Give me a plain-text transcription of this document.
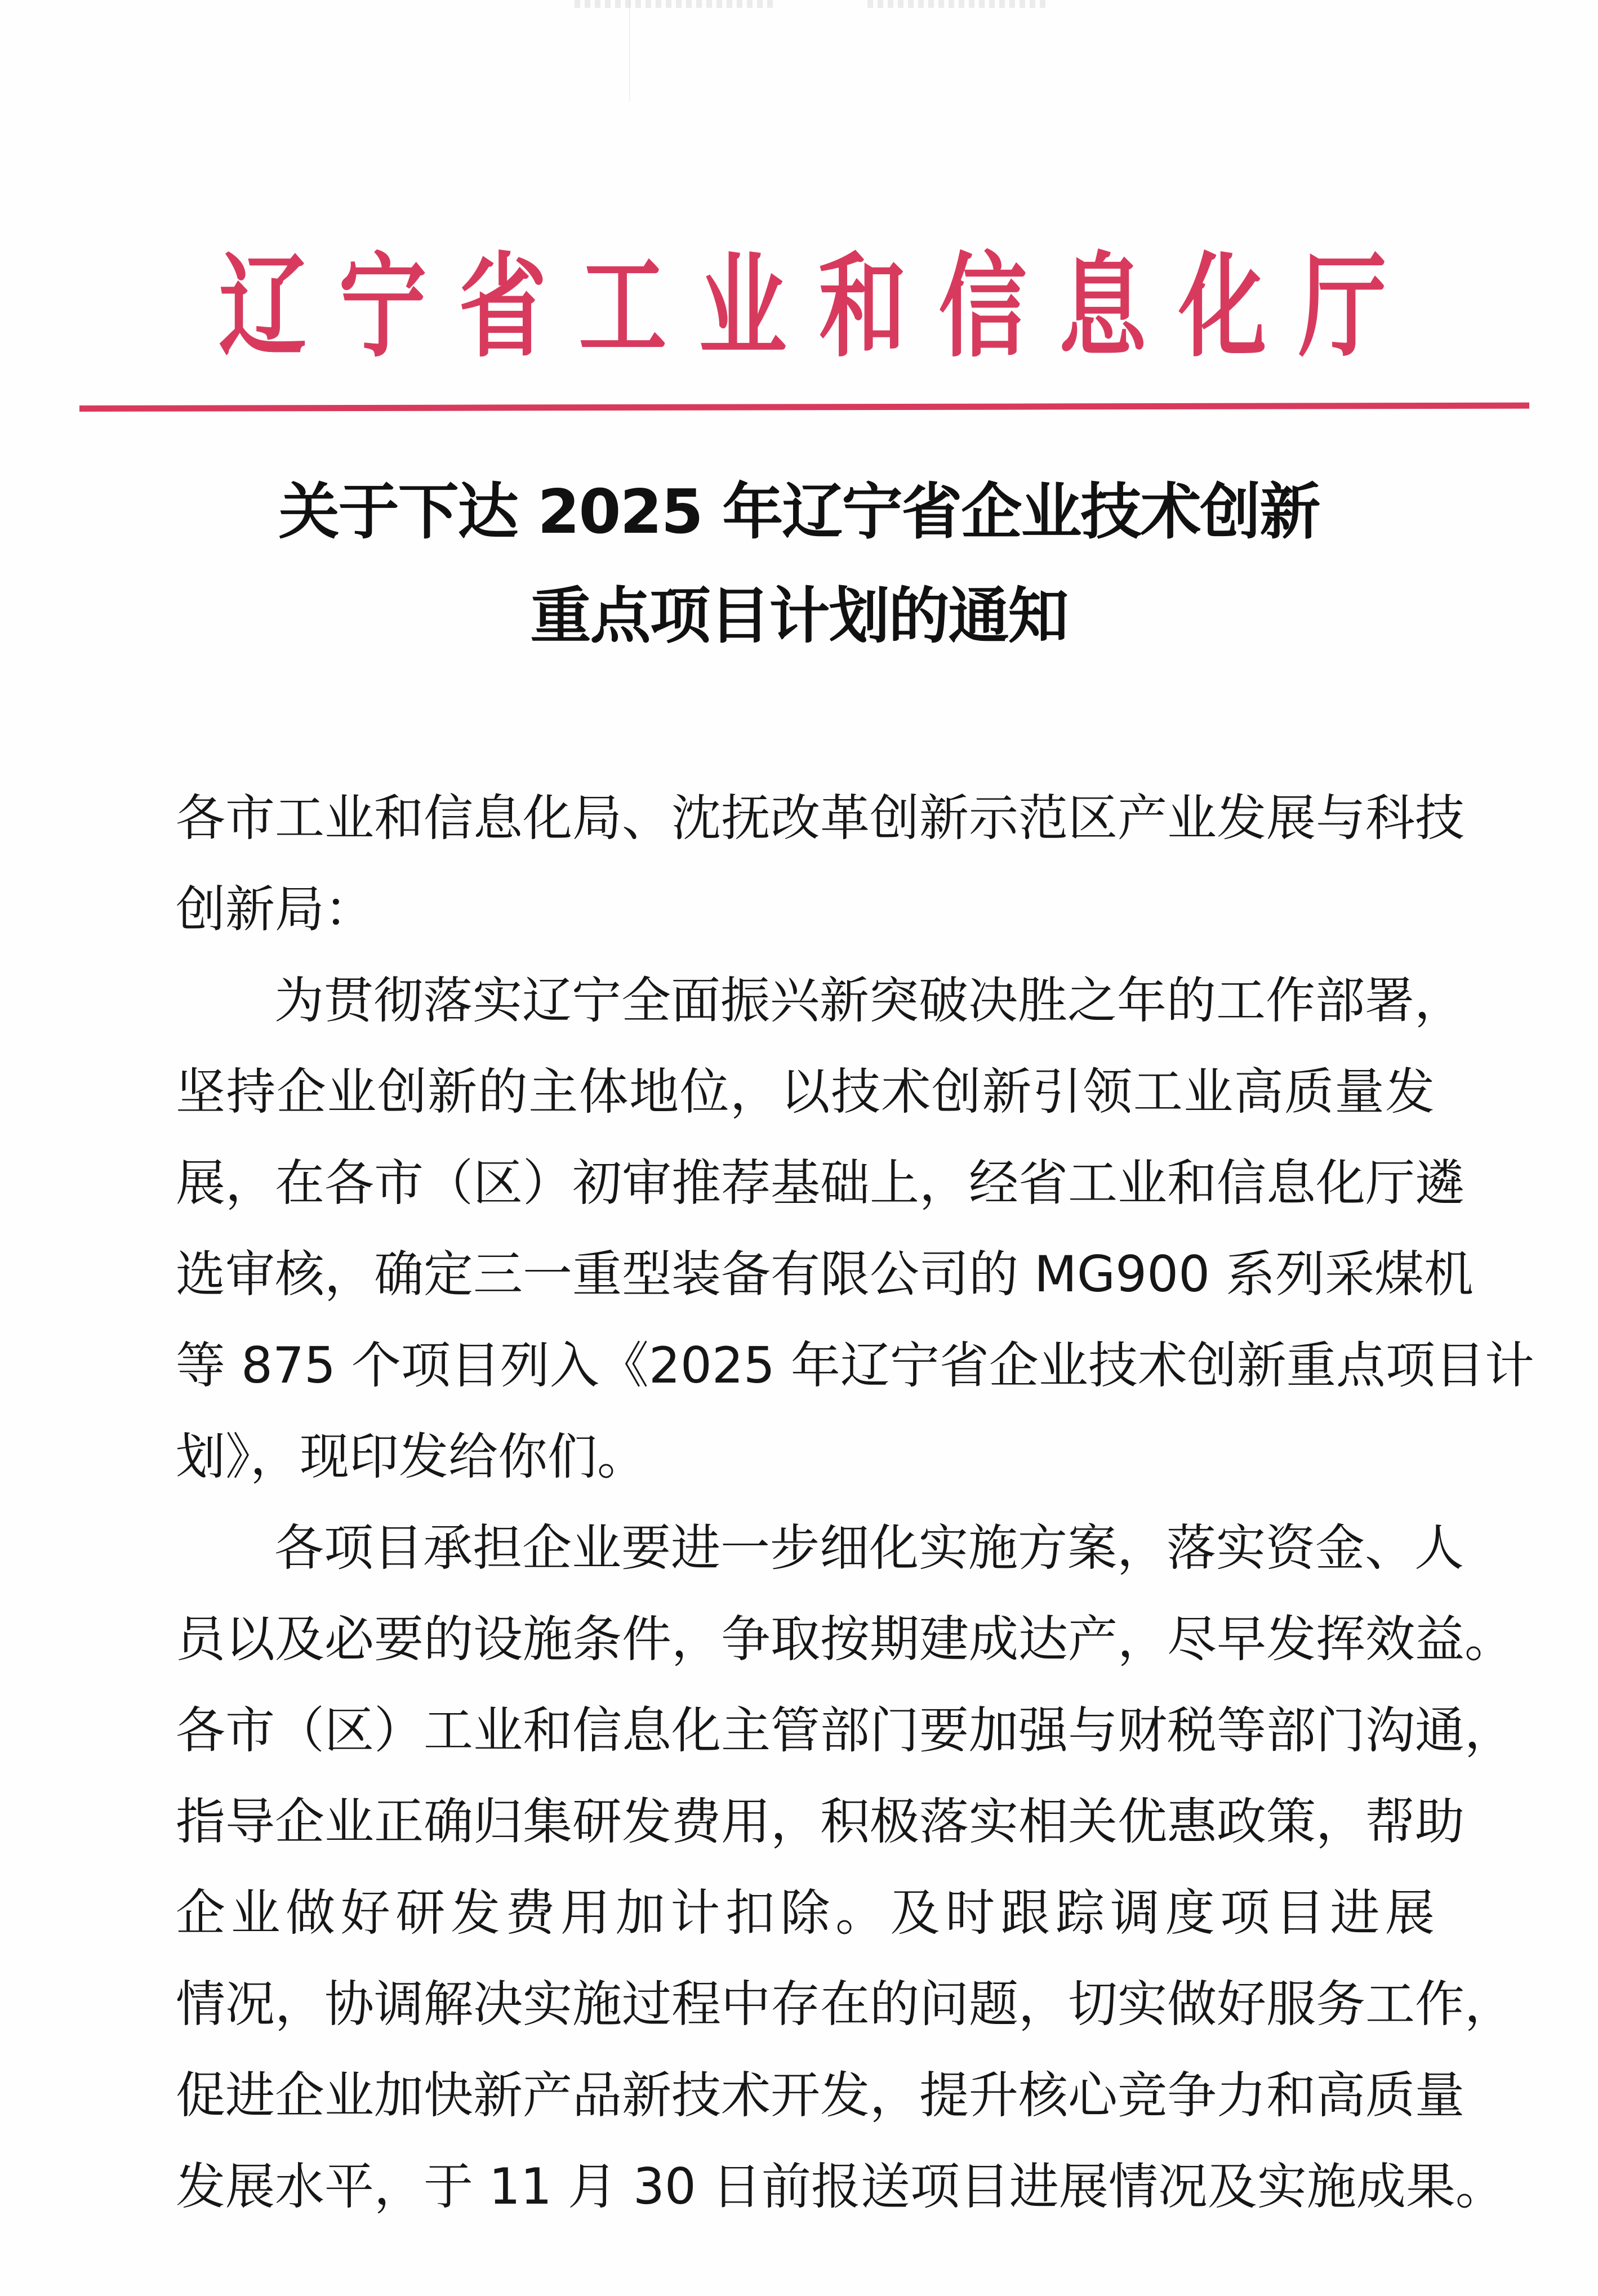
辽 宁 省 工 业 和 信 息 化 厅
关于下达 2025 年辽宁省企业技术创新
重点项目计划的通知
各市工业和信息化局、沈抚改革创新示范区产业发展与科技
创新局：
为贯彻落实辽宁全面振兴新突破决胜之年的工作部署，
坚持企业创新的主体地位，以技术创新引领工业高质量发
展，在各市（区）初审推荐基础上，经省工业和信息化厅遴
选审核，确定三一重型装备有限公司的 MG900 系列采煤机
等 875 个项目列入《2025 年辽宁省企业技术创新重点项目计
划》，现印发给你们。
各项目承担企业要进一步细化实施方案，落实资金、人
员以及必要的设施条件，争取按期建成达产，尽早发挥效益。
各市（区）工业和信息化主管部门要加强与财税等部门沟通，
指导企业正确归集研发费用，积极落实相关优惠政策，帮助
企业做好研发费用加计扣除。及时跟踪调度项目进展
情况，协调解决实施过程中存在的问题，切实做好服务工作，
促进企业加快新产品新技术开发，提升核心竞争力和高质量
发展水平，于 11 月 30 日前报送项目进展情况及实施成果。
